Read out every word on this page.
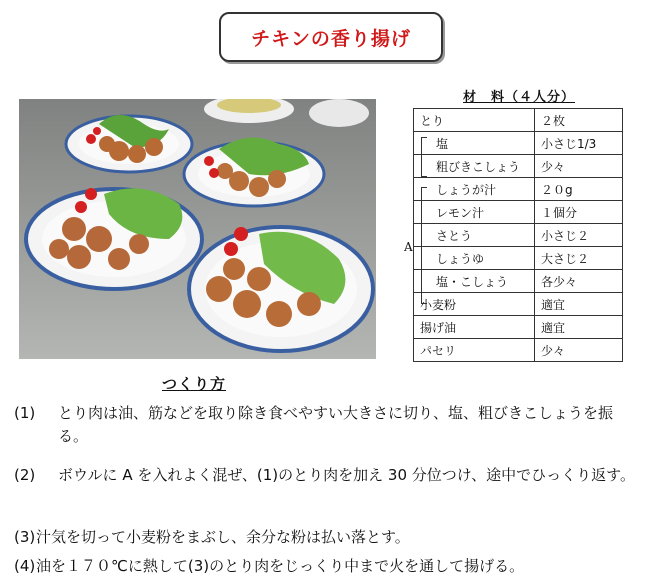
チキンの香り揚げ
材　料（４人分）
とり	２枚
塩	小さじ1/3
粗びきこしょう	少々
しょうが汁	２０g
レモン汁	１個分
さとう	小さじ２
しょうゆ	大さじ２
塩・こしょう	各少々
小麦粉	適宜
揚げ油	適宜
パセリ	少々
A
つくり方
(1)	とり肉は油、筋などを取り除き食べやすい大きさに切り、塩、粗びきこしょうを振る。
(2)	ボウルに A を入れよく混ぜ、(1)のとり肉を加え 30 分位つけ、途中でひっくり返す。
(3) 汁気を切って小麦粉をまぶし、余分な粉は払い落とす。
(4) 油を１７０℃に熱して(3)のとり肉をじっくり中まで火を通して揚げる。
